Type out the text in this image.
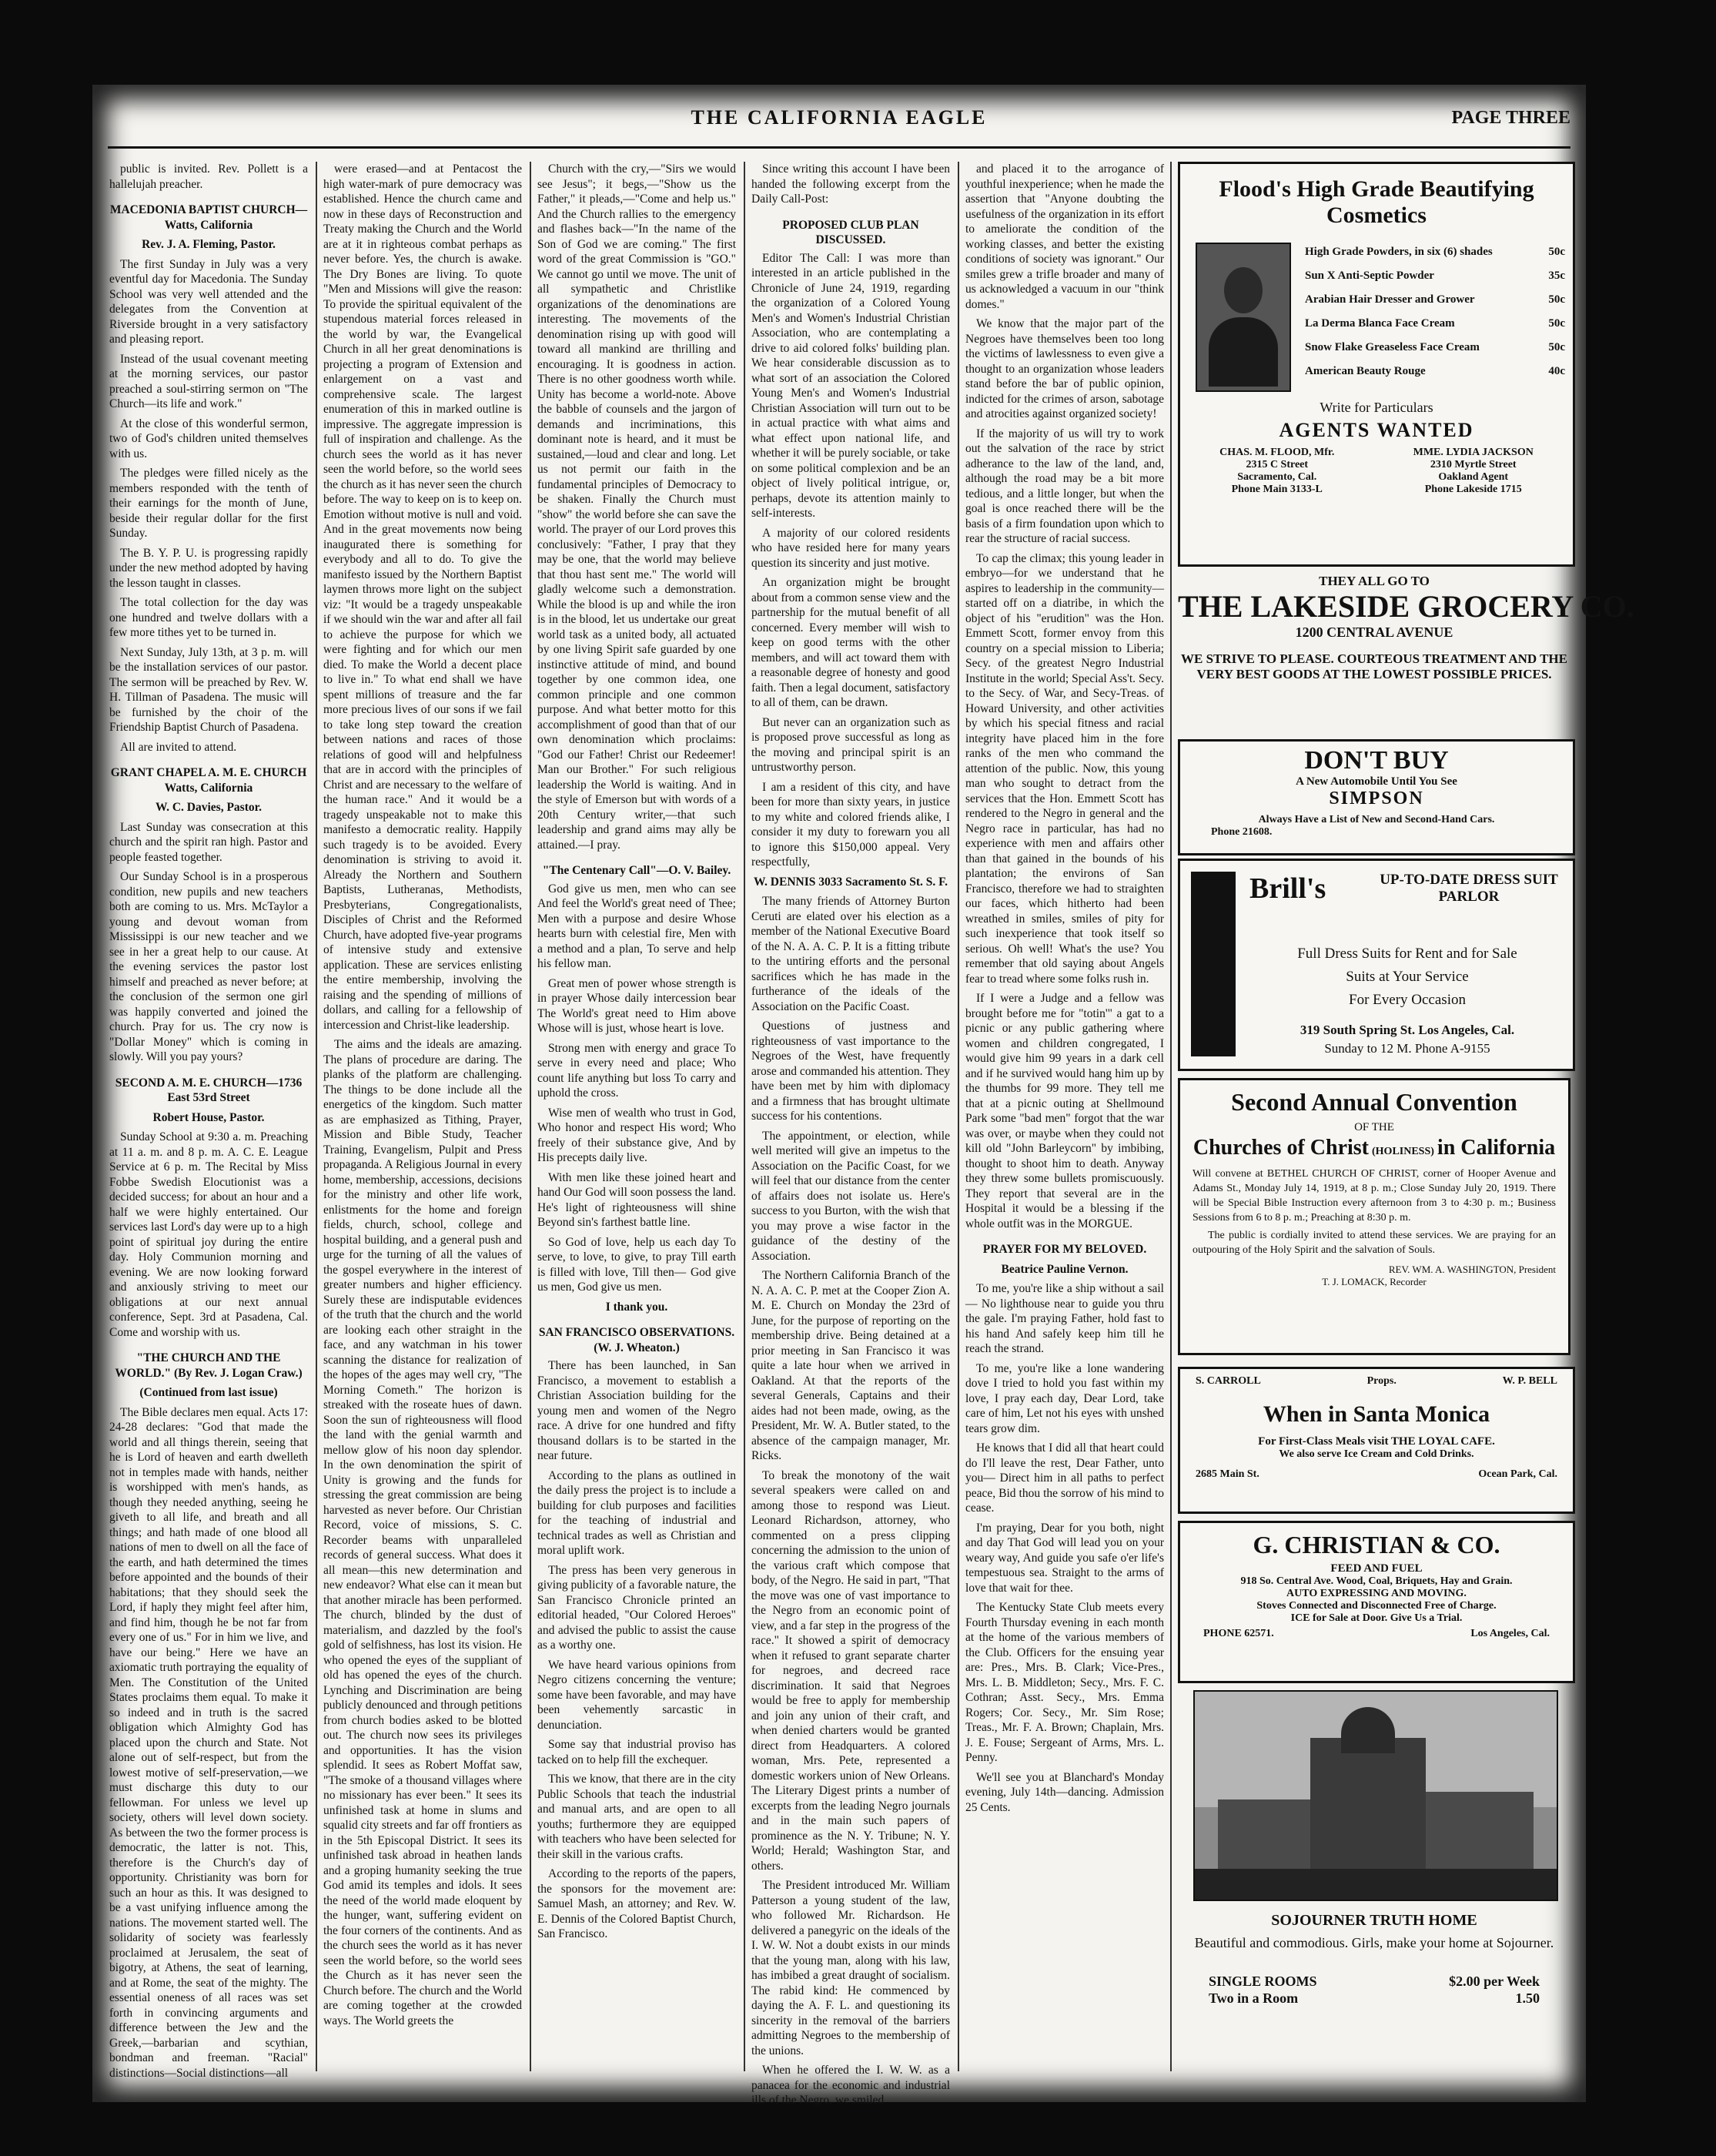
THE CALIFORNIA EAGLE	PAGE THREE

public is invited. Rev. Pollett is a hallelujah preacher.

MACEDONIA BAPTIST CHURCH—Watts, California

Rev. J. A. Fleming, Pastor.

The first Sunday in July was a very eventful day for Macedonia. The Sunday School was very well attended and the delegates from the Convention at Riverside brought in a very satisfactory and pleasing report.

Instead of the usual covenant meeting at the morning services, our pastor preached a soul-stirring sermon on "The Church—its life and work."

At the close of this wonderful sermon, two of God's children united themselves with us.

The pledges were filled nicely as the members responded with the tenth of their earnings for the month of June, beside their regular dollar for the first Sunday.

The B. Y. P. U. is progressing rapidly under the new method adopted by having the lesson taught in classes.

The total collection for the day was one hundred and twelve dollars with a few more tithes yet to be turned in.

Next Sunday, July 13th, at 3 p. m. will be the installation services of our pastor. The sermon will be preached by Rev. W. H. Tillman of Pasadena. The music will be furnished by the choir of the Friendship Baptist Church of Pasadena.

All are invited to attend.

GRANT CHAPEL A. M. E. CHURCH Watts, California

W. C. Davies, Pastor.

Last Sunday was consecration at this church and the spirit ran high. Pastor and people feasted together.

Our Sunday School is in a prosperous condition, new pupils and new teachers both are coming to us. Mrs. McTaylor a young and devout woman from Mississippi is our new teacher and we see in her a great help to our cause. At the evening services the pastor lost himself and preached as never before; at the conclusion of the sermon one girl was happily converted and joined the church. Pray for us. The cry now is "Dollar Money" which is coming in slowly. Will you pay yours?

SECOND A. M. E. CHURCH—1736 East 53rd Street

Robert House, Pastor.

Sunday School at 9:30 a. m. Preaching at 11 a. m. and 8 p. m. A. C. E. League Service at 6 p. m. The Recital by Miss Fobbe Swedish Elocutionist was a decided success; for about an hour and a half we were highly entertained. Our services last Lord's day were up to a high point of spiritual joy during the entire day. Holy Communion morning and evening. We are now looking forward and anxiously striving to meet our obligations at our next annual conference, Sept. 3rd at Pasadena, Cal. Come and worship with us.

"THE CHURCH AND THE WORLD." (By Rev. J. Logan Craw.)

(Continued from last issue)

The Bible declares men equal. Acts 17: 24-28 declares: "God that made the world and all things therein, seeing that he is Lord of heaven and earth dwelleth not in temples made with hands, neither is worshipped with men's hands, as though they needed anything, seeing he giveth to all life, and breath and all things; and hath made of one blood all nations of men to dwell on all the face of the earth, and hath determined the times before appointed and the bounds of their habitations; that they should seek the Lord, if haply they might feel after him, and find him, though he be not far from every one of us." For in him we live, and have our being." Here we have an axiomatic truth portraying the equality of Men. The Constitution of the United States proclaims them equal. To make it so indeed and in truth is the sacred obligation which Almighty God has placed upon the church and State. Not alone out of self-respect, but from the lowest motive of self-preservation,—we must discharge this duty to our fellowman. For unless we level up society, others will level down society. As between the two the former process is democratic, the latter is not. This, therefore is the Church's day of opportunity. Christianity was born for such an hour as this. It was designed to be a vast unifying influence among the nations. The movement started well. The solidarity of society was fearlessly proclaimed at Jerusalem, the seat of bigotry, at Athens, the seat of learning, and at Rome, the seat of the mighty. The essential oneness of all races was set forth in convincing arguments and difference between the Jew and the Greek,—barbarian and scythian, bondman and freeman. "Racial" distinctions—Social distinctions—all

were erased—and at Pentacost the high water-mark of pure democracy was established. Hence the church came and now in these days of Reconstruction and Treaty making the Church and the World are at it in righteous combat perhaps as never before. Yes, the church is awake. The Dry Bones are living. To quote "Men and Missions will give the reason: To provide the spiritual equivalent of the stupendous material forces released in the world by war, the Evangelical Church in all her great denominations is projecting a program of Extension and enlargement on a vast and comprehensive scale. The largest enumeration of this in marked outline is impressive. The aggregate impression is full of inspiration and challenge. As the church sees the world as it has never seen the world before, so the world sees the church as it has never seen the church before. The way to keep on is to keep on. Emotion without motive is null and void. And in the great movements now being inaugurated there is something for everybody and all to do. To give the manifesto issued by the Northern Baptist laymen throws more light on the subject viz: "It would be a tragedy unspeakable if we should win the war and after all fail to achieve the purpose for which we were fighting and for which our men died. To make the World a decent place to live in." To what end shall we have spent millions of treasure and the far more precious lives of our sons if we fail to take long step toward the creation between nations and races of those relations of good will and helpfulness that are in accord with the principles of Christ and are necessary to the welfare of the human race." And it would be a tragedy unspeakable not to make this manifesto a democratic reality. Happily such tragedy is to be avoided. Every denomination is striving to avoid it. Already the Northern and Southern Baptists, Lutheranas, Methodists, Presbyterians, Congregationalists, Disciples of Christ and the Reformed Church, have adopted five-year programs of intensive study and extensive application. These are services enlisting the entire membership, involving the raising and the spending of millions of dollars, and calling for a fellowship of intercession and Christ-like leadership.

The aims and the ideals are amazing. The plans of procedure are daring. The planks of the platform are challenging. The things to be done include all the energetics of the kingdom. Such matter as are emphasized as Tithing, Prayer, Mission and Bible Study, Teacher Training, Evangelism, Pulpit and Press propaganda. A Religious Journal in every home, membership, accessions, decisions for the ministry and other life work, enlistments for the home and foreign fields, church, school, college and hospital building, and a general push and urge for the turning of all the values of the gospel everywhere in the interest of greater numbers and higher efficiency. Surely these are indisputable evidences of the truth that the church and the world are looking each other straight in the face, and any watchman in his tower scanning the distance for realization of the hopes of the ages may well cry, "The Morning Cometh." The horizon is streaked with the roseate hues of dawn. Soon the sun of righteousness will flood the land with the genial warmth and mellow glow of his noon day splendor. In the own denomination the spirit of Unity is growing and the funds for stressing the great commission are being harvested as never before. Our Christian Record, voice of missions, S. C. Recorder beams with unparalleled records of general success. What does it all mean—this new determination and new endeavor? What else can it mean but that another miracle has been performed. The church, blinded by the dust of materialism, and dazzled by the fool's gold of selfishness, has lost its vision. He who opened the eyes of the suppliant of old has opened the eyes of the church. Lynching and Discrimination are being publicly denounced and through petitions from church bodies asked to be blotted out. The church now sees its privileges and opportunities. It has the vision splendid. It sees as Robert Moffat saw, "The smoke of a thousand villages where no missionary has ever been." It sees its unfinished task at home in slums and squalid city streets and far off frontiers as in the 5th Episcopal District. It sees its unfinished task abroad in heathen lands and a groping humanity seeking the true God amid its temples and idols. It sees the need of the world made eloquent by the hunger, want, suffering evident on the four corners of the continents. And as the church sees the world as it has never seen the world before, so the world sees the Church as it has never seen the Church before. The church and the World are coming together at the crowded ways. The World greets the

Church with the cry,—"Sirs we would see Jesus"; it begs,—"Show us the Father," it pleads,—"Come and help us." And the Church rallies to the emergency and flashes back—"In the name of the Son of God we are coming." The first word of the great Commission is "GO." We cannot go until we move. The unit of all sympathetic and Christlike organizations of the denominations are interesting. The movements of the denomination rising up with good will toward all mankind are thrilling and encouraging. It is goodness in action. There is no other goodness worth while. Unity has become a world-note. Above the babble of counsels and the jargon of demands and incriminations, this dominant note is heard, and it must be sustained,—loud and clear and long. Let us not permit our faith in the fundamental principles of Democracy to be shaken. Finally the Church must "show" the world before she can save the world. The prayer of our Lord proves this conclusively: "Father, I pray that they may be one, that the world may believe that thou hast sent me." The world will gladly welcome such a demonstration. While the blood is up and while the iron is in the blood, let us undertake our great world task as a united body, all actuated by one living Spirit safe guarded by one instinctive attitude of mind, and bound together by one common idea, one common principle and one common purpose. And what better motto for this accomplishment of good than that of our own denomination which proclaims: "God our Father! Christ our Redeemer! Man our Brother." For such religious leadership the World is waiting. And in the style of Emerson but with words of a 20th Century writer,—that such leadership and grand aims may ally be attained.—I pray.

"The Centenary Call"—O. V. Bailey.

God give us men, men who can see And feel the World's great need of Thee; Men with a purpose and desire Whose hearts burn with celestial fire, Men with a method and a plan, To serve and help his fellow man.

Great men of power whose strength is in prayer Whose daily intercession bear The World's great need to Him above Whose will is just, whose heart is love.

Strong men with energy and grace To serve in every need and place; Who count life anything but loss To carry and uphold the cross.

Wise men of wealth who trust in God, Who honor and respect His word; Who freely of their substance give, And by His precepts daily live.

With men like these joined heart and hand Our God will soon possess the land. He's light of righteousness will shine Beyond sin's farthest battle line.

So God of love, help us each day To serve, to love, to give, to pray Till earth is filled with love, Till then— God give us men, God give us men.

I thank you.

SAN FRANCISCO OBSERVATIONS. (W. J. Wheaton.)

There has been launched, in San Francisco, a movement to establish a Christian Association building for the young men and women of the Negro race. A drive for one hundred and fifty thousand dollars is to be started in the near future.

According to the plans as outlined in the daily press the project is to include a building for club purposes and facilities for the teaching of industrial and technical trades as well as Christian and moral uplift work.

The press has been very generous in giving publicity of a favorable nature, the San Francisco Chronicle printed an editorial headed, "Our Colored Heroes" and advised the public to assist the cause as a worthy one.

We have heard various opinions from Negro citizens concerning the venture; some have been favorable, and may have been vehemently sarcastic in denunciation.

Some say that industrial proviso has tacked on to help fill the exchequer.

This we know, that there are in the city Public Schools that teach the industrial and manual arts, and are open to all youths; furthermore they are equipped with teachers who have been selected for their skill in the various crafts.

According to the reports of the papers, the sponsors for the movement are: Samuel Mash, an attorney; and Rev. W. E. Dennis of the Colored Baptist Church, San Francisco.

Since writing this account I have been handed the following excerpt from the Daily Call-Post:

PROPOSED CLUB PLAN DISCUSSED.

Editor The Call: I was more than interested in an article published in the Chronicle of June 24, 1919, regarding the organization of a Colored Young Men's and Women's Industrial Christian Association, who are contemplating a drive to aid colored folks' building plan. We hear considerable discussion as to what sort of an association the Colored Young Men's and Women's Industrial Christian Association will turn out to be in actual practice with what aims and what effect upon national life, and whether it will be purely sociable, or take on some political complexion and be an object of lively political intrigue, or, perhaps, devote its attention mainly to self-interests.

A majority of our colored residents who have resided here for many years question its sincerity and just motive.

An organization might be brought about from a common sense view and the partnership for the mutual benefit of all concerned. Every member will wish to keep on good terms with the other members, and will act toward them with a reasonable degree of honesty and good faith. Then a legal document, satisfactory to all of them, can be drawn.

But never can an organization such as is proposed prove successful as long as the moving and principal spirit is an untrustworthy person.

I am a resident of this city, and have been for more than sixty years, in justice to my white and colored friends alike, I consider it my duty to forewarn you all to ignore this $150,000 appeal. Very respectfully,

W. DENNIS 3033 Sacramento St. S. F.

The many friends of Attorney Burton Ceruti are elated over his election as a member of the National Executive Board of the N. A. A. C. P. It is a fitting tribute to the untiring efforts and the personal sacrifices which he has made in the furtherance of the ideals of the Association on the Pacific Coast.

Questions of justness and righteousness of vast importance to the Negroes of the West, have frequently arose and commanded his attention. They have been met by him with diplomacy and a firmness that has brought ultimate success for his contentions.

The appointment, or election, while well merited will give an impetus to the Association on the Pacific Coast, for we will feel that our distance from the center of affairs does not isolate us. Here's success to you Burton, with the wish that you may prove a wise factor in the guidance of the destiny of the Association.

The Northern California Branch of the N. A. A. C. P. met at the Cooper Zion A. M. E. Church on Monday the 23rd of June, for the purpose of reporting on the membership drive. Being detained at a prior meeting in San Francisco it was quite a late hour when we arrived in Oakland. At that the reports of the several Generals, Captains and their aides had not been made, owing, as the President, Mr. W. A. Butler stated, to the absence of the campaign manager, Mr. Ricks.

To break the monotony of the wait several speakers were called on and among those to respond was Lieut. Leonard Richardson, attorney, who commented on a press clipping concerning the admission to the union of the various craft which compose that body, of the Negro. He said in part, "That the move was one of vast importance to the Negro from an economic point of view, and a far step in the progress of the race." It showed a spirit of democracy when it refused to grant separate charter for negroes, and decreed race discrimination. It said that Negroes would be free to apply for membership and join any union of their craft, and when denied charters would be granted direct from Headquarters. A colored woman, Mrs. Pete, represented a domestic workers union of New Orleans. The Literary Digest prints a number of excerpts from the leading Negro journals and in the main such papers of prominence as the N. Y. Tribune; N. Y. World; Herald; Washington Star, and others.

The President introduced Mr. William Patterson a young student of the law, who followed Mr. Richardson. He delivered a panegyric on the ideals of the I. W. W. Not a doubt exists in our minds that the young man, along with his law, has imbibed a great draught of socialism. The rabid kind: He commenced by daying the A. F. L. and questioning its sincerity in the removal of the barriers admitting Negroes to the membership of the unions.

When he offered the I. W. W. as a panacea for the economic and industrial ills of the Negro, we smiled

and placed it to the arrogance of youthful inexperience; when he made the assertion that "Anyone doubting the usefulness of the organization in its effort to ameliorate the condition of the working classes, and better the existing conditions of society was ignorant." Our smiles grew a trifle broader and many of us acknowledged a vacuum in our "think domes."

We know that the major part of the Negroes have themselves been too long the victims of lawlessness to even give a thought to an organization whose leaders stand before the bar of public opinion, indicted for the crimes of arson, sabotage and atrocities against organized society!

If the majority of us will try to work out the salvation of the race by strict adherance to the law of the land, and, although the road may be a bit more tedious, and a little longer, but when the goal is once reached there will be the basis of a firm foundation upon which to rear the structure of racial success.

To cap the climax; this young leader in embryo—for we understand that he aspires to leadership in the community—started off on a diatribe, in which the object of his "erudition" was the Hon. Emmett Scott, former envoy from this country on a special mission to Liberia; Secy. of the greatest Negro Industrial Institute in the world; Special Ass't. Secy. to the Secy. of War, and Secy-Treas. of Howard University, and other activities by which his special fitness and racial integrity have placed him in the fore ranks of the men who command the attention of the public. Now, this young man who sought to detract from the services that the Hon. Emmett Scott has rendered to the Negro in general and the Negro race in particular, has had no experience with men and affairs other than that gained in the bounds of his plantation; the environs of San Francisco, therefore we had to straighten our faces, which hitherto had been wreathed in smiles, smiles of pity for such inexperience that took itself so serious. Oh well! What's the use? You remember that old saying about Angels fear to tread where some folks rush in.

If I were a Judge and a fellow was brought before me for "totin'" a gat to a picnic or any public gathering where women and children congregated, I would give him 99 years in a dark cell and if he survived would hang him up by the thumbs for 99 more. They tell me that at a picnic outing at Shellmound Park some "bad men" forgot that the war was over, or maybe when they could not kill old "John Barleycorn" by imbibing, thought to shoot him to death. Anyway they threw some bullets promiscuously. They report that several are in the Hospital it would be a blessing if the whole outfit was in the MORGUE.

PRAYER FOR MY BELOVED.

Beatrice Pauline Vernon.

To me, you're like a ship without a sail— No lighthouse near to guide you thru the gale. I'm praying Father, hold fast to his hand And safely keep him till he reach the strand.

To me, you're like a lone wandering dove I tried to hold you fast within my love, I pray each day, Dear Lord, take care of him, Let not his eyes with unshed tears grow dim.

He knows that I did all that heart could do I'll leave the rest, Dear Father, unto you— Direct him in all paths to perfect peace, Bid thou the sorrow of his mind to cease.

I'm praying, Dear for you both, night and day That God will lead you on your weary way, And guide you safe o'er life's tempestuous sea. Straight to the arms of love that wait for thee.

The Kentucky State Club meets every Fourth Thursday evening in each month at the home of the various members of the Club. Officers for the ensuing year are: Pres., Mrs. B. Clark; Vice-Pres., Mrs. L. B. Middleton; Secy., Mrs. F. C. Cothran; Asst. Secy., Mrs. Emma Rogers; Cor. Secy., Mr. Sim Rose; Treas., Mr. F. A. Brown; Chaplain, Mrs. J. E. Fouse; Sergeant of Arms, Mrs. L. Penny.

We'll see you at Blanchard's Monday evening, July 14th—dancing. Admission 25 Cents.

Flood's High Grade Beautifying Cosmetics
High Grade Powders, in six (6) shades	50c
Sun X Anti-Septic Powder	35c
Arabian Hair Dresser and Grower	50c
La Derma Blanca Face Cream	50c
Snow Flake Greaseless Face Cream	50c
American Beauty Rouge	40c
Write for Particulars
AGENTS WANTED
CHAS. M. FLOOD, Mfr.
2315 C Street
Sacramento, Cal.
Phone Main 3133-L
MME. LYDIA JACKSON
2310 Myrtle Street
Oakland Agent
Phone Lakeside 1715
THEY ALL GO TO
THE LAKESIDE GROCERY CO.
1200 CENTRAL AVENUE
WE STRIVE TO PLEASE. COURTEOUS TREATMENT AND THE VERY BEST GOODS AT THE LOWEST POSSIBLE PRICES.
DON'T BUY
A New Automobile Until You See
SIMPSON
Always Have a List of New and Second-Hand Cars.
Phone 21608.
Brill's	UP-TO-DATE DRESS SUIT PARLOR
Full Dress Suits for Rent and for Sale
Suits at Your Service
For Every Occasion
319 South Spring St. Los Angeles, Cal.
Sunday to 12 M. Phone A-9155
Second Annual Convention
OF THE
Churches of Christ (HOLINESS) in California
Will convene at BETHEL CHURCH OF CHRIST, corner of Hooper Avenue and Adams St., Monday July 14, 1919, at 8 p. m.; Close Sunday July 20, 1919. There will be Special Bible Instruction every afternoon from 3 to 4:30 p. m.; Business Sessions from 6 to 8 p. m.; Preaching at 8:30 p. m.
The public is cordially invited to attend these services. We are praying for an outpouring of the Holy Spirit and the salvation of Souls.
REV. WM. A. WASHINGTON, President
T. J. LOMACK, Recorder
S. CARROLL	Props.	W. P. BELL
When in Santa Monica
For First-Class Meals visit THE LOYAL CAFE.
We also serve Ice Cream and Cold Drinks.
2685 Main St.	Ocean Park, Cal.
G. CHRISTIAN & CO.
FEED AND FUEL
918 So. Central Ave. Wood, Coal, Briquets, Hay and Grain.
AUTO EXPRESSING AND MOVING.
Stoves Connected and Disconnected Free of Charge.
ICE for Sale at Door. Give Us a Trial.
PHONE 62571.	Los Angeles, Cal.
SOJOURNER TRUTH HOME
Beautiful and commodious. Girls, make your home at Sojourner.
SINGLE ROOMS	$2.00 per Week
Two in a Room	1.50
